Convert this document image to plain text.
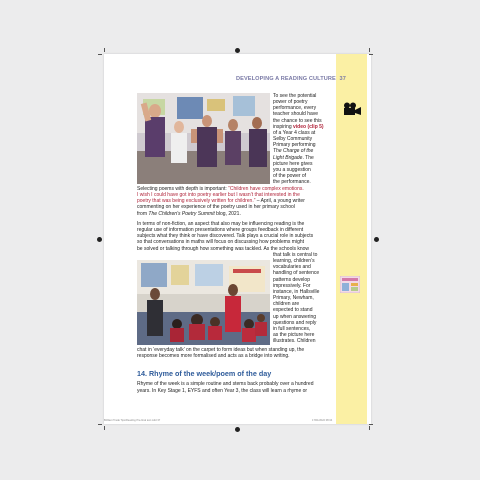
DEVELOPING A READING CULTURE 37
To see the potential
power of poetry
performance, every
teacher should have
the chance to see this
inspiring video (clip 5)
of a Year 4 class at
Selby Community
Primary performing
The Charge of the
Light Brigade. The
picture here gives
you a suggestion
of the power of
the performance.
Selecting poems with depth is important: “Children have complex emotions.
I wish I could have got into poetry earlier but I wasn’t that interested in the
poetry that was being exclusively written for children.” – April, a young writer
commenting on her experience of the poetry used in her primary school
from The Children’s Poetry Summit blog, 2021.
In terms of non-fiction, an aspect that also may be influencing reading is the
regular use of information presentations where groups feedback in different
subjects what they think or have discovered. Talk plays a crucial role in subjects
so that conversations in maths will focus on discussing how problems might
be solved or talking through how something was tackled. As the schools know
that talk is central to
learning, children’s
vocabularies and
handling of sentence
patterns develop
impressively. For
instance, in Hallsville
Primary, Newham,
children are
expected to stand
up when answering
questions and reply
in full sentences,
as the picture here
illustrates. Children
chat in ‘everyday talk’ on the carpet to form ideas but when standing up, the
response becomes more formalised and acts as a bridge into writing.
14. Rhyme of the week/poem of the day
Rhyme of the week is a simple routine and stems back probably over a hundred
years. In Key Stage 1, EYFS and often Year 3, the class will learn a rhyme or
Brilliant Trade Tips/Reading Pre-final text.indd 37	17/01/2022 08:34
